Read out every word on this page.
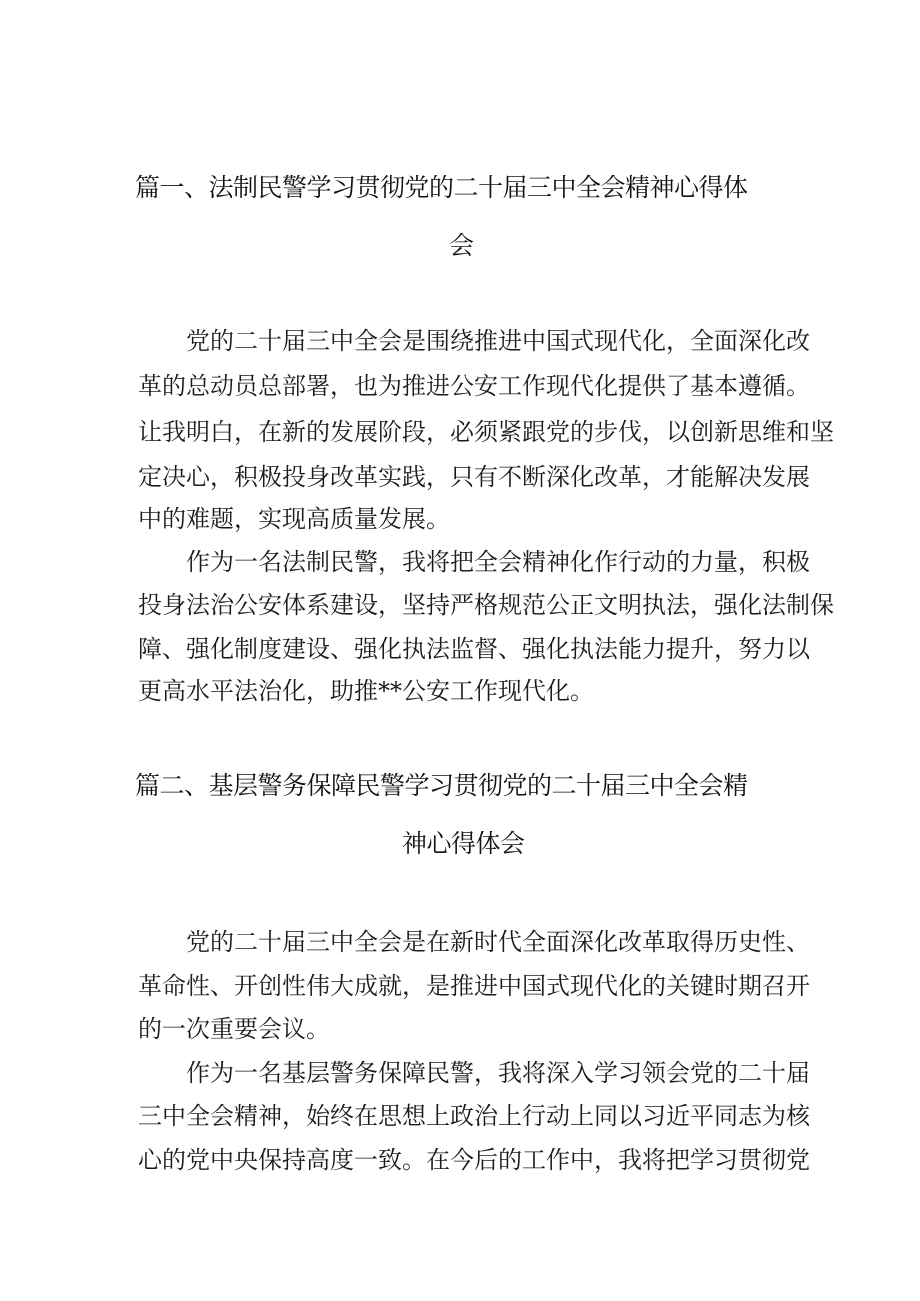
篇一、法制民警学习贯彻党的二十届三中全会精神心得体
会
党的二十届三中全会是围绕推进中国式现代化，全面深化改
革的总动员总部署，也为推进公安工作现代化提供了基本遵循。
让我明白，在新的发展阶段，必须紧跟党的步伐，以创新思维和坚
定决心，积极投身改革实践，只有不断深化改革，才能解决发展
中的难题，实现高质量发展。
作为一名法制民警，我将把全会精神化作行动的力量，积极
投身法治公安体系建设，坚持严格规范公正文明执法，强化法制保
障、强化制度建设、强化执法监督、强化执法能力提升，努力以
更高水平法治化，助推**公安工作现代化。
篇二、基层警务保障民警学习贯彻党的二十届三中全会精
神心得体会
党的二十届三中全会是在新时代全面深化改革取得历史性、
革命性、开创性伟大成就，是推进中国式现代化的关键时期召开
的一次重要会议。
作为一名基层警务保障民警，我将深入学习领会党的二十届
三中全会精神，始终在思想上政治上行动上同以习近平同志为核
心的党中央保持高度一致。在今后的工作中，我将把学习贯彻党
